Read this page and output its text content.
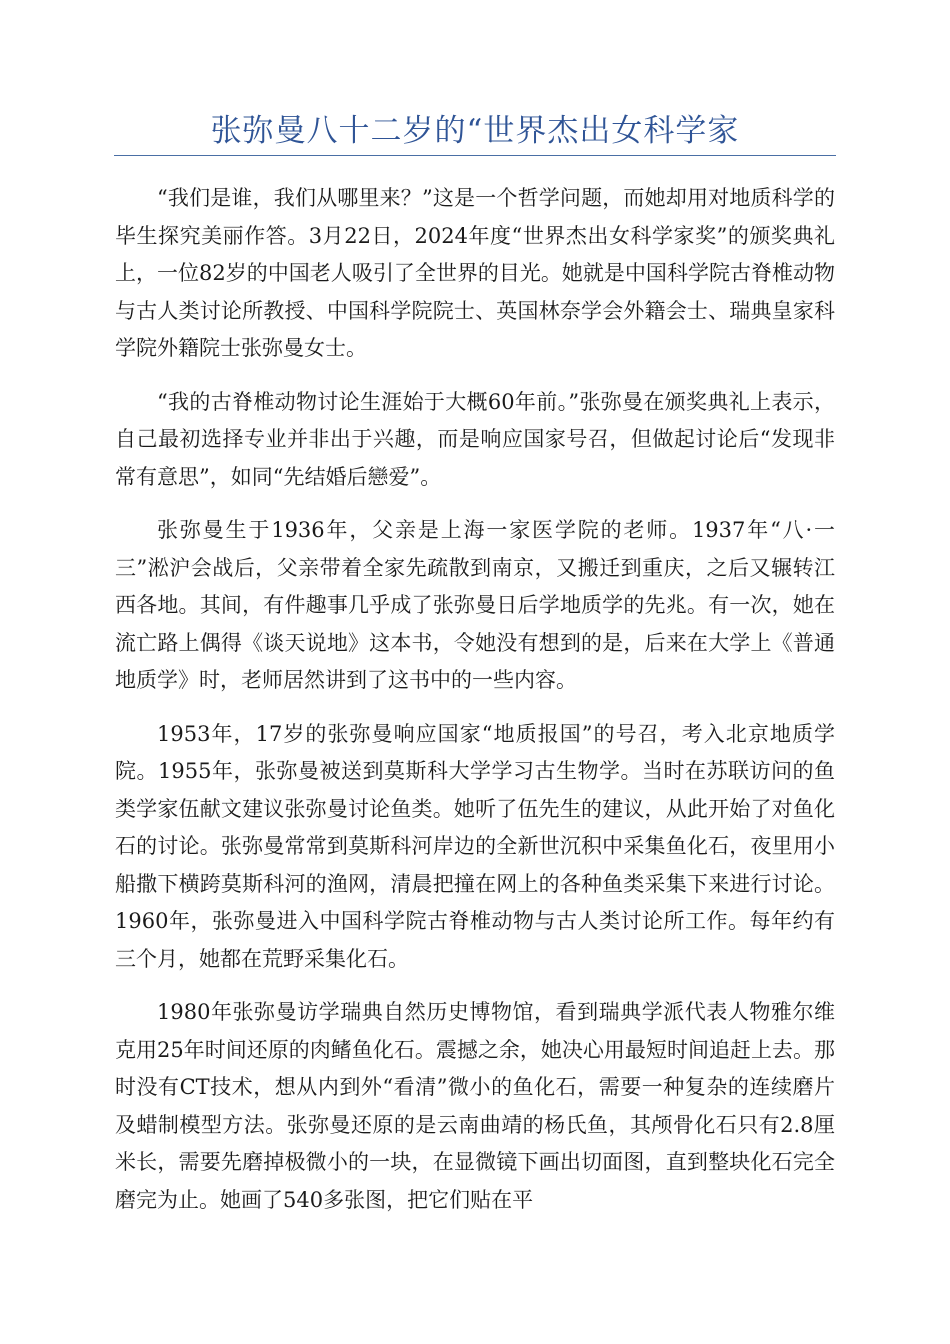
张弥曼八十二岁的“世界杰出女科学家

“我们是谁，我们从哪里来？”这是一个哲学问题，而她却用对地质科学的毕生探究美丽作答。3月22日，2024年度“世界杰出女科学家奖”的颁奖典礼上，一位82岁的中国老人吸引了全世界的目光。她就是中国科学院古脊椎动物与古人类讨论所教授、中国科学院院士、英国林奈学会外籍会士、瑞典皇家科学院外籍院士张弥曼女士。

“我的古脊椎动物讨论生涯始于大概60年前。”张弥曼在颁奖典礼上表示，自己最初选择专业并非出于兴趣，而是响应国家号召，但做起讨论后“发现非常有意思”，如同“先结婚后戀爱”。

张弥曼生于1936年，父亲是上海一家医学院的老师。1937年“八·一三”淞沪会战后，父亲带着全家先疏散到南京，又搬迁到重庆，之后又辗转江西各地。其间，有件趣事几乎成了张弥曼日后学地质学的先兆。有一次，她在流亡路上偶得《谈天说地》这本书，令她没有想到的是，后来在大学上《普通地质学》时，老师居然讲到了这书中的一些内容。

1953年，17岁的张弥曼响应国家“地质报国”的号召，考入北京地质学院。1955年，张弥曼被送到莫斯科大学学习古生物学。当时在苏联访问的鱼类学家伍献文建议张弥曼讨论鱼类。她听了伍先生的建议，从此开始了对鱼化石的讨论。张弥曼常常到莫斯科河岸边的全新世沉积中采集鱼化石，夜里用小船撒下横跨莫斯科河的渔网，清晨把撞在网上的各种鱼类采集下来进行讨论。1960年，张弥曼进入中国科学院古脊椎动物与古人类讨论所工作。每年约有三个月，她都在荒野采集化石。

1980年张弥曼访学瑞典自然历史博物馆，看到瑞典学派代表人物雅尔维克用25年时间还原的肉鳍鱼化石。震撼之余，她决心用最短时间追赶上去。那时没有CT技术，想从内到外“看清”微小的鱼化石，需要一种复杂的连续磨片及蜡制模型方法。张弥曼还原的是云南曲靖的杨氏鱼，其颅骨化石只有2.8厘米长，需要先磨掉极微小的一块，在显微镜下画出切面图，直到整块化石完全磨完为止。她画了540多张图，把它们贴在平
